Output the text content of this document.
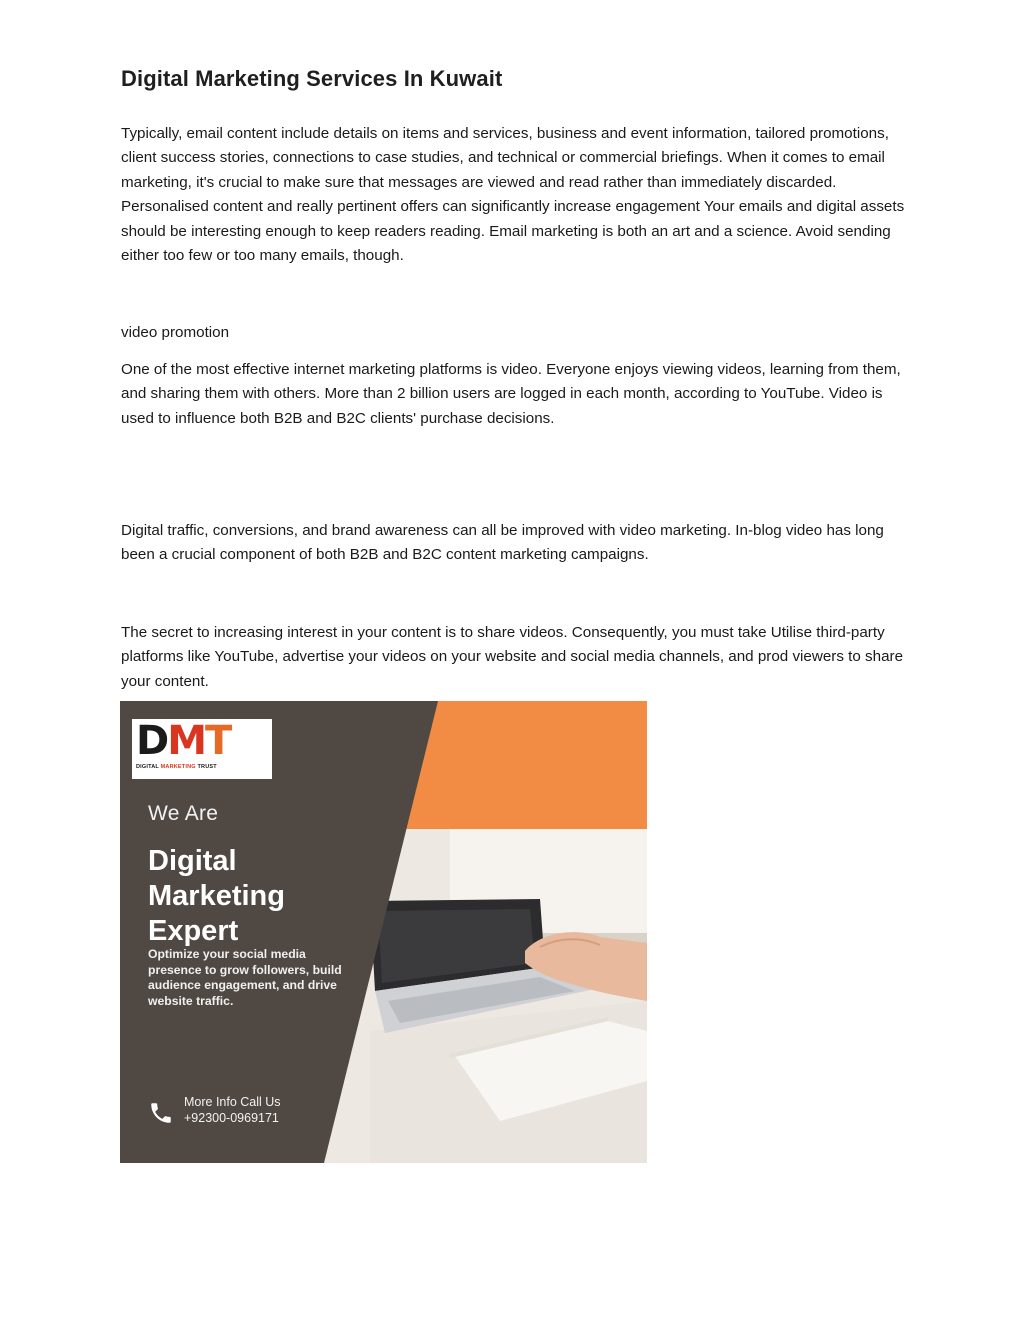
Digital Marketing Services In Kuwait

Typically, email content include details on items and services, business and event information, tailored promotions, client success stories, connections to case studies, and technical or commercial briefings. When it comes to email marketing, it's crucial to make sure that messages are viewed and read rather than immediately discarded. Personalised content and really pertinent offers can significantly increase engagement Your emails and digital assets should be interesting enough to keep readers reading. Email marketing is both an art and a science. Avoid sending either too few or too many emails, though.

video promotion

One of the most effective internet marketing platforms is video. Everyone enjoys viewing videos, learning from them, and sharing them with others. More than 2 billion users are logged in each month, according to YouTube. Video is used to influence both B2B and B2C clients' purchase decisions.

Digital traffic, conversions, and brand awareness can all be improved with video marketing. In-blog video has long been a crucial component of both B2B and B2C content marketing campaigns.

The secret to increasing interest in your content is to share videos. Consequently, you must take Utilise third-party platforms like YouTube, advertise your videos on your website and social media channels, and prod viewers to share your content.

DMT
DIGITAL MARKETING TRUST
We Are
Digital
Marketing
Expert
Optimize your social media presence to grow followers, build audience engagement, and drive website traffic.
More Info Call Us
+92300-0969171
